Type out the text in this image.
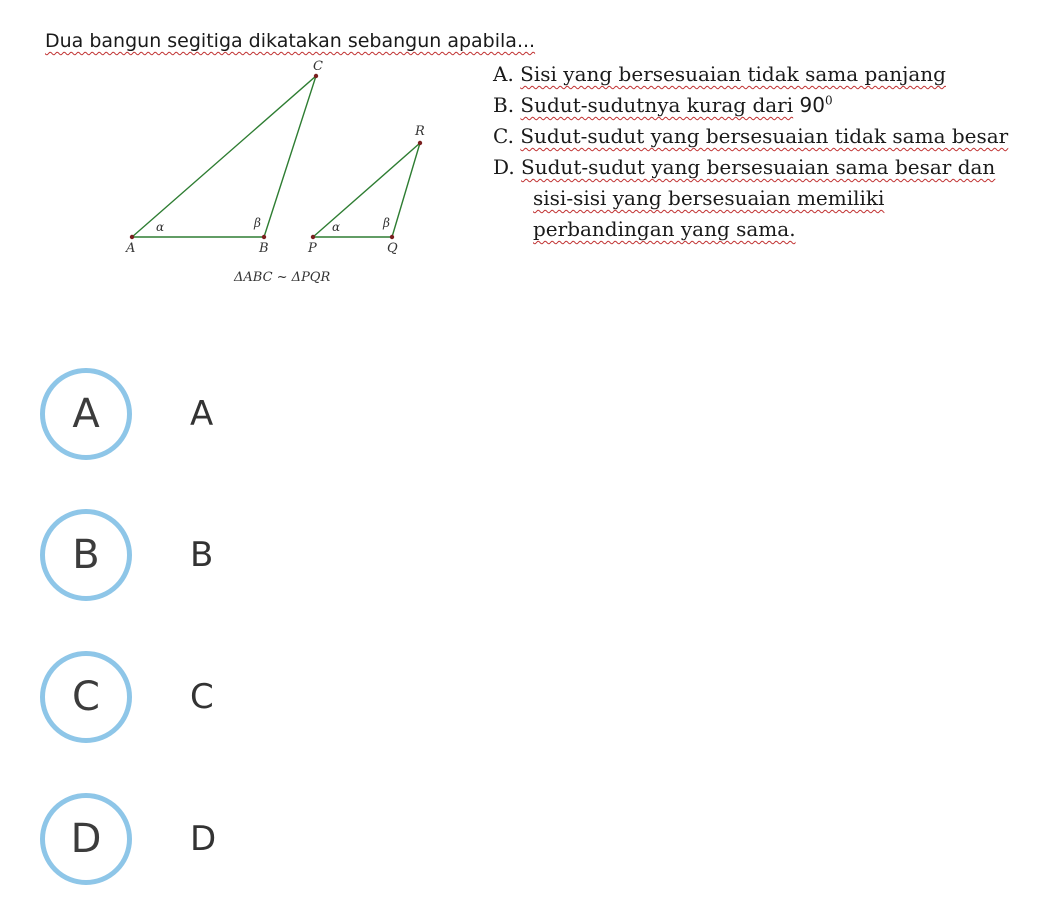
Dua bangun segitiga dikatakan sebangun apabila...
A	B
C
P	Q
R
α	β	α	β
ΔABC ~ ΔPQR
A. Sisi yang bersesuaian tidak sama panjang
B. Sudut-sudutnya kurag dari $90^0$
C. Sudut-sudut yang bersesuaian tidak sama besar
D. Sudut-sudut yang bersesuaian sama besar dan
sisi-sisi yang bersesuaian memiliki
perbandingan yang sama.
A	A
B	B
C	C
D	D
